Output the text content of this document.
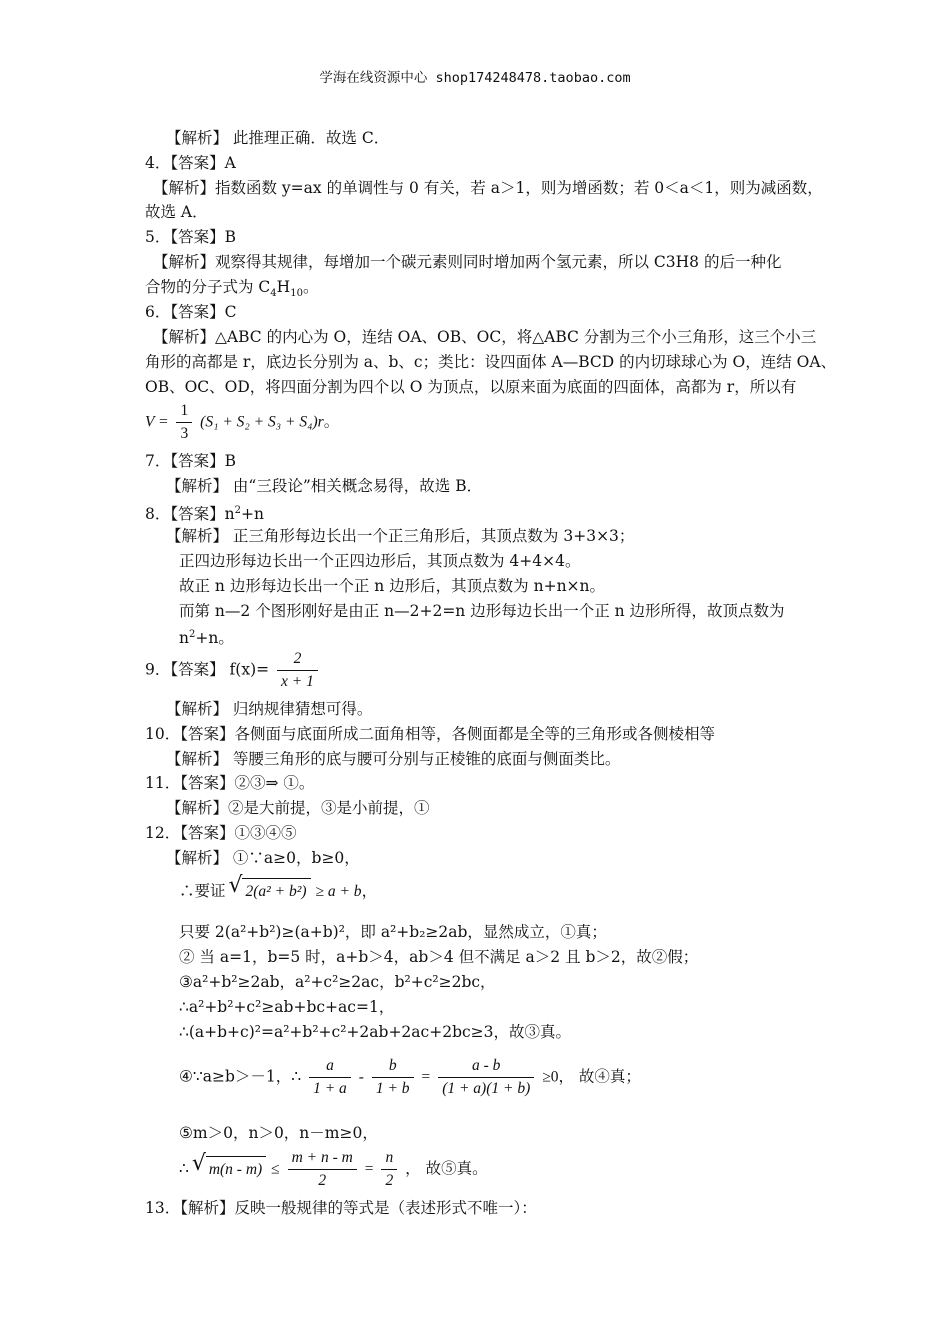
学海在线资源中心 shop174248478.taobao.com
【解析】 此推理正确．故选 C．
4．【答案】A
【解析】指数函数 y=ax 的单调性与 0 有关，若 a＞1，则为增函数；若 0＜a＜1，则为减函数，
故选 A．
5．【答案】B
【解析】观察得其规律，每增加一个碳元素则同时增加两个氢元素，所以 C3H8 的后一种化
合物的分子式为 $C_4H_{10}$。
6．【答案】C
【解析】△ABC 的内心为 O，连结 OA、OB、OC，将△ABC 分割为三个小三角形，这三个小三
角形的高都是 r，底边长分别为 a、b、c；类比：设四面体 A—BCD 的内切球球心为 O，连结 OA、
OB、OC、OD，将四面分割为四个以 O 为顶点，以原来面为底面的四面体，高都为 r，所以有
$V = \frac{1}{3} (S_1 + S_2 + S_3 + S_4)r$。
7．【答案】B
【解析】 由“三段论”相关概念易得，故选 B．
8．【答案】$n^2+n$
【解析】 正三角形每边长出一个正三角形后，其顶点数为 3+3×3；
正四边形每边长出一个正四边形后，其顶点数为 4+4×4。
故正 n 边形每边长出一个正 n 边形后，其顶点数为 n+n×n。
而第 n—2 个图形刚好是由正 n—2+2=n 边形每边长出一个正 n 边形所得，故顶点数为
$n^2+n$。
9．【答案】 $f(x)= \frac{2}{x + 1}$
【解析】 归纳规律猜想可得。
10．【答案】各侧面与底面所成二面角相等，各侧面都是全等的三角形或各侧棱相等
【解析】 等腰三角形的底与腰可分别与正棱锥的底面与侧面类比。
11．【答案】②③⇒ ①。
【解析】②是大前提，③是小前提，①
12．【答案】①③④⑤
【解析】 ①∵a≥0，b≥0，
∴要证 √ 2(a² + b²) ≥ a + b，
只要 2(a²+b²)≥(a+b)²，即 a²+b₂≥2ab，显然成立，①真；
② 当 a=1，b=5 时，a+b＞4，ab＞4 但不满足 a＞2 且 b＞2，故②假；
③a²+b²≥2ab，a²+c²≥2ac，b²+c²≥2bc，
∴a²+b²+c²≥ab+bc+ac=1，
∴(a+b+c)²=a²+b²+c²+2ab+2ac+2bc≥3，故③真。
④∵a≥b＞－1，∴ $\frac{a}{1 + a} - \frac{b}{1 + b} = \frac{a - b}{(1 + a)(1 + b)} \ge 0$， 故④真；
⑤m＞0，n＞0，n－m≥0，
∴ √ $m(n - m) \le \frac{m + n - m}{2} = \frac{n}{2}$ ， 故⑤真。
13．【解析】反映一般规律的等式是（表述形式不唯一）：
